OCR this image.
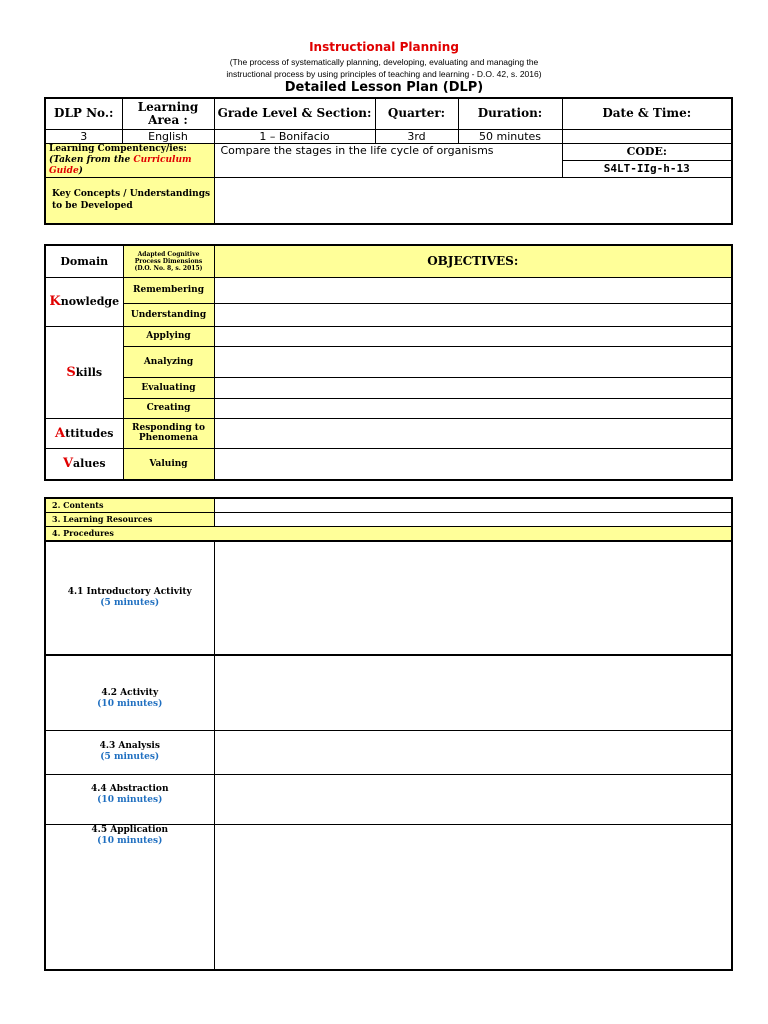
Instructional Planning
(The process of systematically planning, developing, evaluating and managing the
instructional process by using principles of teaching and learning - D.O. 42, s. 2016)
Detailed Lesson Plan (DLP)
DLP No.:	Learning Area :	Grade Level & Section:	Quarter:	Duration:	Date & Time:
3	English	1 – Bonifacio	3rd	50 minutes	

Learning Compentency/ies:
(Taken from the Curriculum Guide)		Compare the stages in the life cycle of organisms			CODE:
					S4LT-IIg-h-13
Key Concepts / Understandings to be Developed					
Domain	Adapted Cognitive
Process Dimensions
(D.O. No. 8, s. 2015)	OBJECTIVES:
Knowledge	Remembering	
	Understanding	
Skills	Applying	
	Analyzing	
	Evaluating	
	Creating	
Attitudes	Responding to Phenomena	
Values	Valuing	
2. Contents	
3. Learning Resources	
4. Procedures	

4.1 Introductory Activity
(5 minutes)	

4.2 Activity
(10 minutes)	

4.3 Analysis
(5 minutes)	

4.4 Abstraction
(10 minutes)	

4.5 Application
(10 minutes)	
